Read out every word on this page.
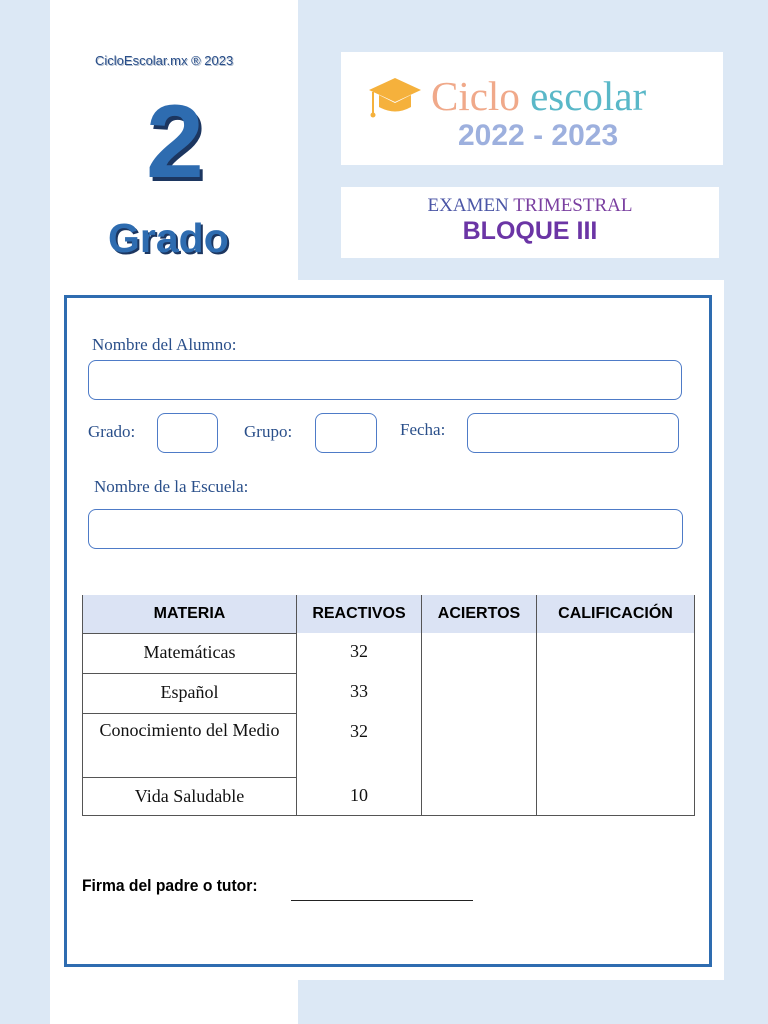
CicloEscolar.mx ® 2023
2
Grado
Ciclo escolar
2022 - 2023
EXAMEN TRIMESTRAL
BLOQUE III
Nombre del Alumno:
Grado:	Grupo:	Fecha:
Nombre de la Escuela:
MATERIA	REACTIVOS	ACIERTOS	CALIFICACIÓN
Matemáticas	32		
Español	33		
Conocimiento del Medio	32		
Vida Saludable	10		
Firma del padre o tutor:
